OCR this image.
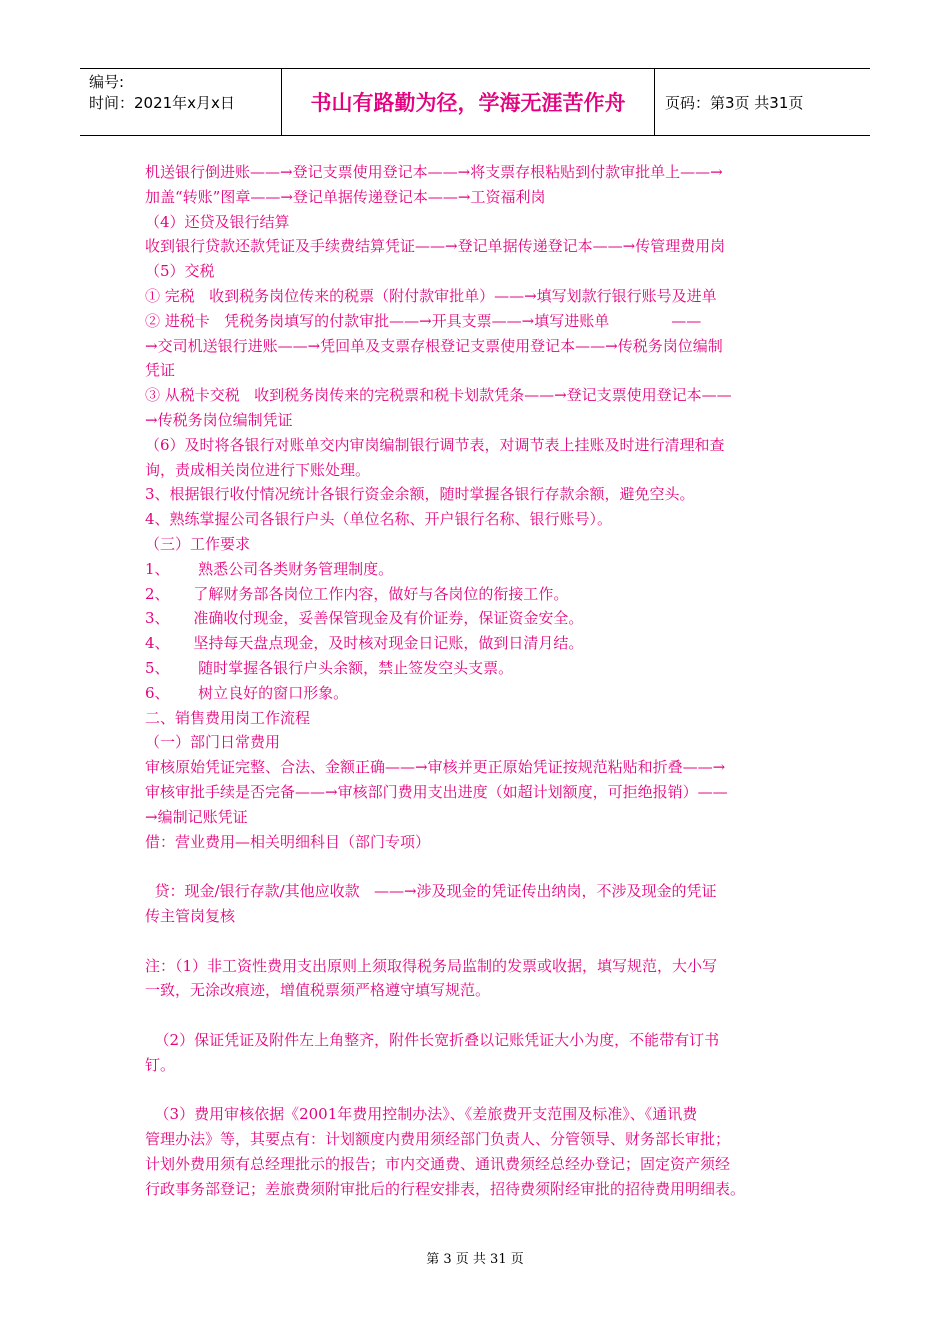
编号:
时间：2021年x月x日	书山有路勤为径，学海无涯苦作舟	页码：第3页 共31页

机送银行倒进账——→登记支票使用登记本——→将支票存根粘贴到付款审批单上——→

加盖“转账”图章——→登记单据传递登记本——→工资福利岗

（4）还贷及银行结算

收到银行贷款还款凭证及手续费结算凭证——→登记单据传递登记本——→传管理费用岗

（5）交税

① 完税   收到税务岗位传来的税票（附付款审批单）——→填写划款行银行账号及进单

② 进税卡   凭税务岗填写的付款审批——→开具支票——→填写进账单             ——

→交司机送银行进账——→凭回单及支票存根登记支票使用登记本——→传税务岗位编制

凭证

③ 从税卡交税   收到税务岗传来的完税票和税卡划款凭条——→登记支票使用登记本——

→传税务岗位编制凭证

（6）及时将各银行对账单交内审岗编制银行调节表，对调节表上挂账及时进行清理和查

询，责成相关岗位进行下账处理。

3、根据银行收付情况统计各银行资金余额，随时掌握各银行存款余额，避免空头。

4、熟练掌握公司各银行户头（单位名称、开户银行名称、银行账号）。

（三）工作要求

1、      熟悉公司各类财务管理制度。

2、     了解财务部各岗位工作内容，做好与各岗位的衔接工作。

3、     准确收付现金，妥善保管现金及有价证券，保证资金安全。

4、     坚持每天盘点现金，及时核对现金日记账，做到日清月结。

5、      随时掌握各银行户头余额，禁止签发空头支票。

6、      树立良好的窗口形象。

二、销售费用岗工作流程

（一）部门日常费用

审核原始凭证完整、合法、金额正确——→审核并更正原始凭证按规范粘贴和折叠——→

审核审批手续是否完备——→审核部门费用支出进度（如超计划额度，可拒绝报销）——

→编制记账凭证

借：营业费用—相关明细科目（部门专项）

贷：现金/银行存款/其他应收款   ——→涉及现金的凭证传出纳岗，不涉及现金的凭证

传主管岗复核

注：（1）非工资性费用支出原则上须取得税务局监制的发票或收据，填写规范，大小写

一致，无涂改痕迹，增值税票须严格遵守填写规范。

（2）保证凭证及附件左上角整齐，附件长宽折叠以记账凭证大小为度，不能带有订书

钉。

（3）费用审核依据《2001年费用控制办法》、《差旅费开支范围及标准》、《通讯费

管理办法》等，其要点有：计划额度内费用须经部门负责人、分管领导、财务部长审批；

计划外费用须有总经理批示的报告；市内交通费、通讯费须经总经办登记；固定资产须经

行政事务部登记；差旅费须附审批后的行程安排表，招待费须附经审批的招待费用明细表。

第 3 页 共 31 页
